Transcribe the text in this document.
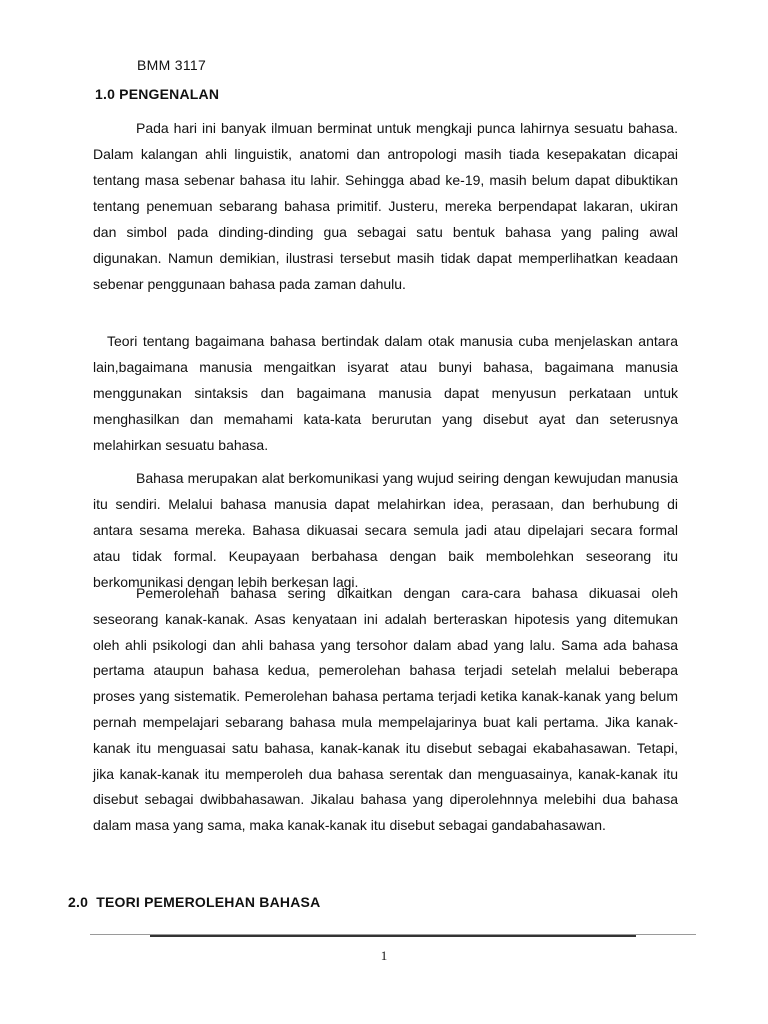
BMM 3117
1.0 PENGENALAN

Pada hari ini banyak ilmuan berminat untuk mengkaji punca lahirnya sesuatu bahasa. Dalam kalangan ahli linguistik, anatomi dan antropologi masih tiada kesepakatan dicapai tentang masa sebenar bahasa itu lahir. Sehingga abad ke-19, masih belum dapat dibuktikan tentang penemuan sebarang bahasa primitif. Justeru, mereka berpendapat lakaran, ukiran dan simbol pada dinding-dinding gua sebagai satu bentuk bahasa yang paling awal digunakan. Namun demikian, ilustrasi tersebut masih tidak dapat memperlihatkan keadaan sebenar penggunaan bahasa pada zaman dahulu.

Teori tentang bagaimana bahasa bertindak dalam otak manusia cuba menjelaskan antara lain,bagaimana manusia mengaitkan isyarat atau bunyi bahasa, bagaimana manusia menggunakan sintaksis dan bagaimana manusia dapat menyusun perkataan untuk menghasilkan dan memahami kata-kata berurutan yang disebut ayat dan seterusnya melahirkan sesuatu bahasa.

Bahasa merupakan alat berkomunikasi yang wujud seiring dengan kewujudan manusia itu sendiri. Melalui bahasa manusia dapat melahirkan idea, perasaan, dan berhubung di antara sesama mereka. Bahasa dikuasai secara semula jadi atau dipelajari secara formal atau tidak formal. Keupayaan berbahasa dengan baik membolehkan seseorang itu berkomunikasi dengan lebih berkesan lagi.

Pemerolehan bahasa sering dikaitkan dengan cara-cara bahasa dikuasai oleh seseorang kanak-kanak. Asas kenyataan ini adalah berteraskan hipotesis yang ditemukan oleh ahli psikologi dan ahli bahasa yang tersohor dalam abad yang lalu. Sama ada bahasa pertama ataupun bahasa kedua, pemerolehan bahasa terjadi setelah melalui beberapa proses yang sistematik. Pemerolehan bahasa pertama terjadi ketika kanak-kanak yang belum pernah mempelajari sebarang bahasa mula mempelajarinya buat kali pertama. Jika kanak-kanak itu menguasai satu bahasa, kanak-kanak itu disebut sebagai ekabahasawan. Tetapi, jika kanak-kanak itu memperoleh dua bahasa serentak dan menguasainya, kanak-kanak itu disebut sebagai dwibbahasawan. Jikalau bahasa yang diperolehnnya melebihi dua bahasa dalam masa yang sama, maka kanak-kanak itu disebut sebagai gandabahasawan.

2.0  TEORI PEMEROLEHAN BAHASA
1
